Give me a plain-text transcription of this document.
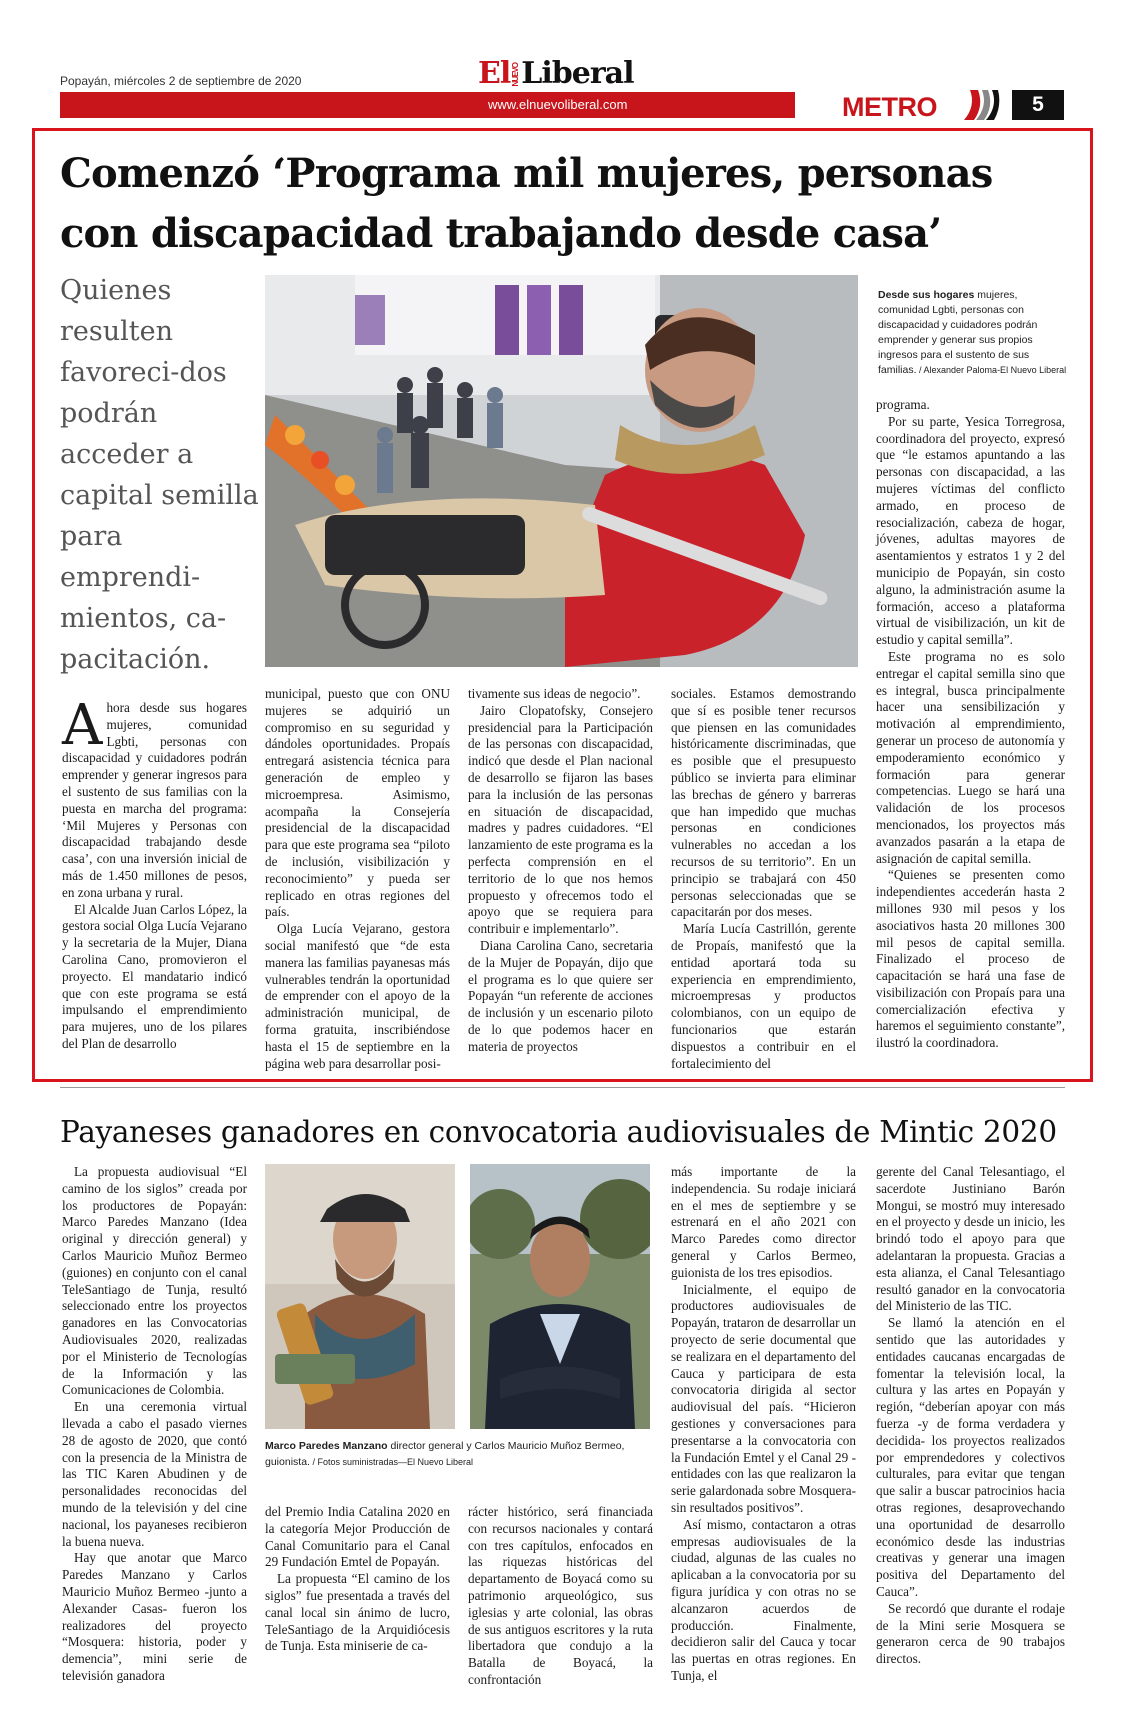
Popayán, miércoles 2 de septiembre de 2020	ElNUEVOLiberal
www.elnuevoliberal.com	METRO	5
Comenzó ‘Programa mil mujeres, personas con discapacidad trabajando desde casa’
Quienes resulten favoreci-dos podrán acceder a capital semilla para emprendi-mientos, ca-pacitación.
Desde sus hogares mujeres, comunidad Lgbti, personas con discapacidad y cuidadores podrán emprender y generar sus propios ingresos para el sustento de sus familias. / Alexander Paloma-El Nuevo Liberal

Ahora desde sus hogares mujeres, comunidad Lgbti, personas con discapacidad y cuidadores podrán emprender y generar ingresos para el sustento de sus familias con la puesta en marcha del programa: ‘Mil Mujeres y Personas con discapacidad trabajando desde casa’, con una inversión inicial de más de 1.450 millones de pesos, en zona urbana y rural.

El Alcalde Juan Carlos López, la gestora social Olga Lucía Vejarano y la secretaria de la Mujer, Diana Carolina Cano, promovieron el proyecto. El mandatario indicó que con este programa se está impulsando el emprendimiento para mujeres, uno de los pilares del Plan de desarrollo

municipal, puesto que con ONU mujeres se adquirió un compromiso en su seguridad y dándoles oportunidades. Propaís entregará asistencia técnica para generación de empleo y microempresa. Asimismo, acompaña la Consejería presidencial de la discapacidad para que este programa sea “piloto de inclusión, visibilización y reconocimiento” y pueda ser replicado en otras regiones del país.

Olga Lucía Vejarano, gestora social manifestó que “de esta manera las familias payanesas más vulnerables tendrán la oportunidad de emprender con el apoyo de la administración municipal, de forma gratuita, inscribiéndose hasta el 15 de septiembre en la página web para desarrollar posi-

tivamente sus ideas de negocio”.

Jairo Clopatofsky, Consejero presidencial para la Participación de las personas con discapacidad, indicó que desde el Plan nacional de desarrollo se fijaron las bases para la inclusión de las personas en situación de discapacidad, madres y padres cuidadores. “El lanzamiento de este programa es la perfecta comprensión en el territorio de lo que nos hemos propuesto y ofrecemos todo el apoyo que se requiera para contribuir e implementarlo”.

Diana Carolina Cano, secretaria de la Mujer de Popayán, dijo que el programa es lo que quiere ser Popayán “un referente de acciones de inclusión y un escenario piloto de lo que podemos hacer en materia de proyectos

sociales. Estamos demostrando que sí es posible tener recursos que piensen en las comunidades históricamente discriminadas, que es posible que el presupuesto público se invierta para eliminar las brechas de género y barreras que han impedido que muchas personas en condiciones vulnerables no accedan a los recursos de su territorio”. En un principio se trabajará con 450 personas seleccionadas que se capacitarán por dos meses.

María Lucía Castrillón, gerente de Propaís, manifestó que la entidad aportará toda su experiencia en emprendimiento, microempresas y productos colombianos, con un equipo de funcionarios que estarán dispuestos a contribuir en el fortalecimiento del

programa.

Por su parte, Yesica Torregrosa, coordinadora del proyecto, expresó que “le estamos apuntando a las personas con discapacidad, a las mujeres víctimas del conflicto armado, en proceso de resocialización, cabeza de hogar, jóvenes, adultas mayores de asentamientos y estratos 1 y 2 del municipio de Popayán, sin costo alguno, la administración asume la formación, acceso a plataforma virtual de visibilización, un kit de estudio y capital semilla”.

Este programa no es solo entregar el capital semilla sino que es integral, busca principalmente hacer una sensibilización y motivación al emprendimiento, generar un proceso de autonomía y empoderamiento económico y formación para generar competencias. Luego se hará una validación de los procesos mencionados, los proyectos más avanzados pasarán a la etapa de asignación de capital semilla.

“Quienes se presenten como independientes accederán hasta 2 millones 930 mil pesos y los asociativos hasta 20 millones 300 mil pesos de capital semilla. Finalizado el proceso de capacitación se hará una fase de visibilización con Propaís para una comercialización efectiva y haremos el seguimiento constante”, ilustró la coordinadora.

Payaneses ganadores en convocatoria audiovisuales de Mintic 2020
Marco Paredes Manzano director general y Carlos Mauricio Muñoz Bermeo, guionista. / Fotos suministradas—El Nuevo Liberal

La propuesta audiovisual “El camino de los siglos” creada por los productores de Popayán: Marco Paredes Manzano (Idea original y dirección general) y Carlos Mauricio Muñoz Bermeo (guiones) en conjunto con el canal TeleSantiago de Tunja, resultó seleccionado entre los proyectos ganadores en las Convocatorias Audiovisuales 2020, realizadas por el Ministerio de Tecnologías de la Información y las Comunicaciones de Colombia.

En una ceremonia virtual llevada a cabo el pasado viernes 28 de agosto de 2020, que contó con la presencia de la Ministra de las TIC Karen Abudinen y de personalidades reconocidas del mundo de la televisión y del cine nacional, los payaneses recibieron la buena nueva.

Hay que anotar que Marco Paredes Manzano y Carlos Mauricio Muñoz Bermeo -junto a Alexander Casas- fueron los realizadores del proyecto “Mosquera: historia, poder y demencia”, mini serie de televisión ganadora

del Premio India Catalina 2020 en la categoría Mejor Producción de Canal Comunitario para el Canal 29 Fundación Emtel de Popayán.

La propuesta “El camino de los siglos” fue presentada a través del canal local sin ánimo de lucro, TeleSantiago de la Arquidiócesis de Tunja. Esta miniserie de ca-

rácter histórico, será financiada con recursos nacionales y contará con tres capítulos, enfocados en las riquezas históricas del departamento de Boyacá como su patrimonio arqueológico, sus iglesias y arte colonial, las obras de sus antiguos escritores y la ruta libertadora que condujo a la Batalla de Boyacá, la confrontación

más importante de la independencia. Su rodaje iniciará en el mes de septiembre y se estrenará en el año 2021 con Marco Paredes como director general y Carlos Bermeo, guionista de los tres episodios.

Inicialmente, el equipo de productores audiovisuales de Popayán, trataron de desarrollar un proyecto de serie documental que se realizara en el departamento del Cauca y participara de esta convocatoria dirigida al sector audiovisual del país. “Hicieron gestiones y conversaciones para presentarse a la convocatoria con la Fundación Emtel y el Canal 29 -entidades con las que realizaron la serie galardonada sobre Mosquera- sin resultados positivos”.

Así mismo, contactaron a otras empresas audiovisuales de la ciudad, algunas de las cuales no aplicaban a la convocatoria por su figura jurídica y con otras no se alcanzaron acuerdos de producción. Finalmente, decidieron salir del Cauca y tocar las puertas en otras regiones. En Tunja, el

gerente del Canal Telesantiago, el sacerdote Justiniano Barón Mongui, se mostró muy interesado en el proyecto y desde un inicio, les brindó todo el apoyo para que adelantaran la propuesta. Gracias a esta alianza, el Canal Telesantiago resultó ganador en la convocatoria del Ministerio de las TIC.

Se llamó la atención en el sentido que las autoridades y entidades caucanas encargadas de fomentar la televisión local, la cultura y las artes en Popayán y región, “deberían apoyar con más fuerza -y de forma verdadera y decidida- los proyectos realizados por emprendedores y colectivos culturales, para evitar que tengan que salir a buscar patrocinios hacia otras regiones, desaprovechando una oportunidad de desarrollo económico desde las industrias creativas y generar una imagen positiva del Departamento del Cauca”.

Se recordó que durante el rodaje de la Mini serie Mosquera se generaron cerca de 90 trabajos directos.
